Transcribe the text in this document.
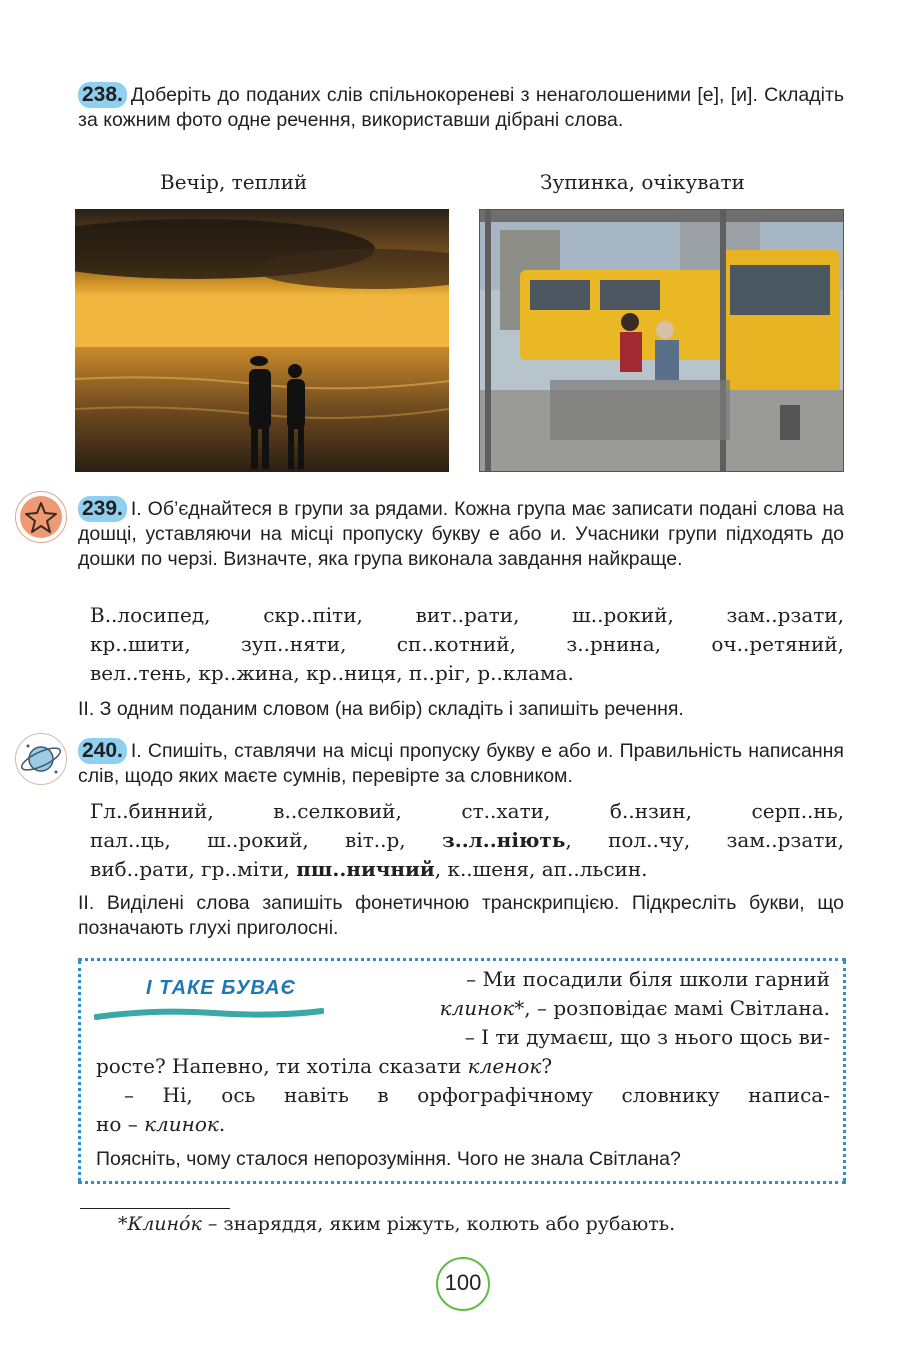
238. Доберіть до поданих слів спільнокореневі з ненаголошеними [е], [и]. Складіть за кожним фото одне речення, використавши дібрані слова.
Вечір, теплий	Зупинка, очікувати
239. І. Об’єднайтеся в групи за рядами. Кожна група має записати подані слова на дошці, уставляючи на місці пропуску букву е або и. Учасники групи підходять до дошки по черзі. Визначте, яка група виконала завдання найкраще.
В..лосипед, скр..піти, вит..рати, ш..рокий, зам..рзати,
кр..шити, зуп..няти, сп..котний, з..рнина, оч..ретяний,
вел..тень, кр..жина, кр..ниця, п..ріг, р..клама.
ІІ. З одним поданим словом (на вибір) складіть і запишіть речення.
240. І. Спишіть, ставлячи на місці пропуску букву е або и. Правильність написання слів, щодо яких маєте сумнів, перевірте за словником.
Гл..бинний, в..селковий, ст..хати, б..нзин, серп..нь,
пал..ць, ш..рокий, віт..р, з..л..ніють, пол..чу, зам..рзати,
виб..рати, гр..міти, пш..ничний, к..шеня, ап..льсин.
ІІ. Виділені слова запишіть фонетичною транскрипцією. Підкресліть букви, що позначають глухі приголосні.
І ТАКЕ БУВАЄ	– Ми посадили біля школи гарний
клинок*, – розповідає мамі Світлана.
– І ти думаєш, що з нього щось ви-
росте? Напевно, ти хотіла сказати кленок?
– Ні, ось навіть в орфографічному словнику написа-
но – клинок.
Поясніть, чому сталося непорозуміння. Чого не знала Світлана?
*Клино́к – знаряддя, яким ріжуть, колють або рубають.
100
